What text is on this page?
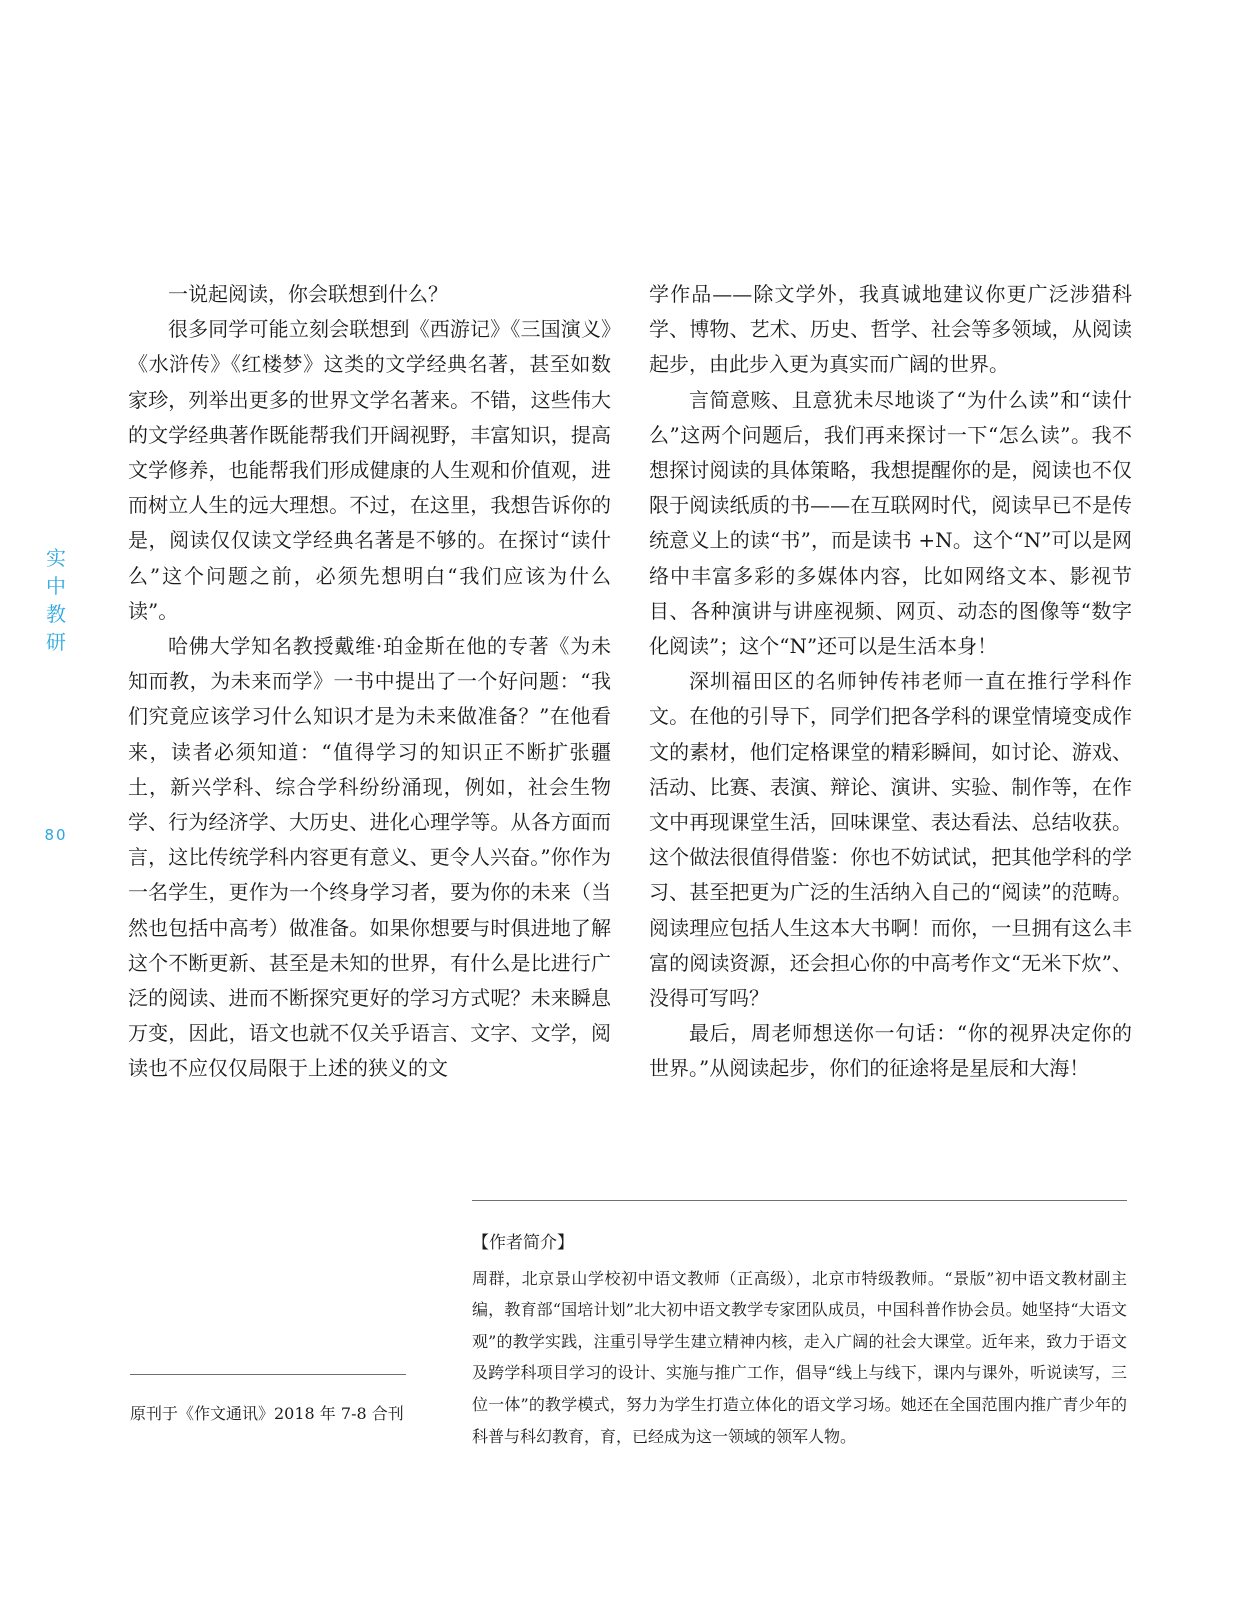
实
中
教
研
80

一说起阅读，你会联想到什么？

很多同学可能立刻会联想到《西游记》《三国演义》《水浒传》《红楼梦》这类的文学经典名著，甚至如数家珍，列举出更多的世界文学名著来。不错，这些伟大的文学经典著作既能帮我们开阔视野，丰富知识，提高文学修养，也能帮我们形成健康的人生观和价值观，进而树立人生的远大理想。不过，在这里，我想告诉你的是，阅读仅仅读文学经典名著是不够的。在探讨“读什么”这个问题之前，必须先想明白“我们应该为什么读”。

哈佛大学知名教授戴维·珀金斯在他的专著《为未知而教，为未来而学》一书中提出了一个好问题：“我们究竟应该学习什么知识才是为未来做准备？”在他看来，读者必须知道：“值得学习的知识正不断扩张疆土，新兴学科、综合学科纷纷涌现，例如，社会生物学、行为经济学、大历史、进化心理学等。从各方面而言，这比传统学科内容更有意义、更令人兴奋。”你作为一名学生，更作为一个终身学习者，要为你的未来（当然也包括中高考）做准备。如果你想要与时俱进地了解这个不断更新、甚至是未知的世界，有什么是比进行广泛的阅读、进而不断探究更好的学习方式呢？未来瞬息万变，因此，语文也就不仅关乎语言、文字、文学，阅读也不应仅仅局限于上述的狭义的文

学作品——除文学外，我真诚地建议你更广泛涉猎科学、博物、艺术、历史、哲学、社会等多领域，从阅读起步，由此步入更为真实而广阔的世界。

言简意赅、且意犹未尽地谈了“为什么读”和“读什么”这两个问题后，我们再来探讨一下“怎么读”。我不想探讨阅读的具体策略，我想提醒你的是，阅读也不仅限于阅读纸质的书——在互联网时代，阅读早已不是传统意义上的读“书”，而是读书 +N。这个“N”可以是网络中丰富多彩的多媒体内容，比如网络文本、影视节目、各种演讲与讲座视频、网页、动态的图像等“数字化阅读”；这个“N”还可以是生活本身！

深圳福田区的名师钟传祎老师一直在推行学科作文。在他的引导下，同学们把各学科的课堂情境变成作文的素材，他们定格课堂的精彩瞬间，如讨论、游戏、活动、比赛、表演、辩论、演讲、实验、制作等，在作文中再现课堂生活，回味课堂、表达看法、总结收获。这个做法很值得借鉴：你也不妨试试，把其他学科的学习、甚至把更为广泛的生活纳入自己的“阅读”的范畴。阅读理应包括人生这本大书啊！而你，一旦拥有这么丰富的阅读资源，还会担心你的中高考作文“无米下炊”、没得可写吗？

最后，周老师想送你一句话：“你的视界决定你的世界。”从阅读起步，你们的征途将是星辰和大海！

【作者简介】

周群，北京景山学校初中语文教师（正高级），北京市特级教师。“景版”初中语文教材副主编，教育部“国培计划”北大初中语文教学专家团队成员，中国科普作协会员。她坚持“大语文观”的教学实践，注重引导学生建立精神内核，走入广阔的社会大课堂。近年来，致力于语文及跨学科项目学习的设计、实施与推广工作，倡导“线上与线下，课内与课外，听说读写，三位一体”的教学模式，努力为学生打造立体化的语文学习场。她还在全国范围内推广青少年的科普与科幻教育，育，已经成为这一领域的领军人物。

原刊于《作文通讯》2018 年 7-8 合刊
